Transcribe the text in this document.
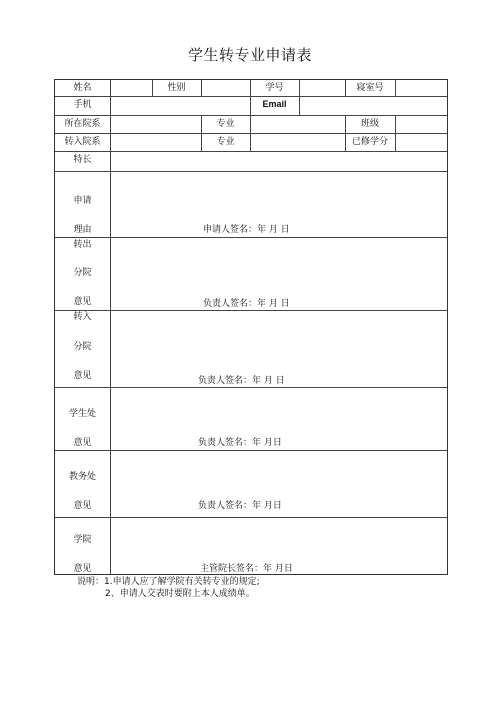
学生转专业申请表
姓名	性别	学号	寝室号
手机	Email
所在院系	专业	班级
转入院系	专业	已修学分
特长
申请
理由	申请人签名：年 月 日
转出
分院
意见	负责人签名：年 月 日
转入
分院
意见	负责人签名：年 月 日
学生处
意见	负责人签名：年 月日
教务处
意见	负责人签名：年 月日
学院
意见	主管院长签名：年 月日
说明：1.申请人应了解学院有关转专业的规定;
2、申请人交表时要附上本人成绩单。
